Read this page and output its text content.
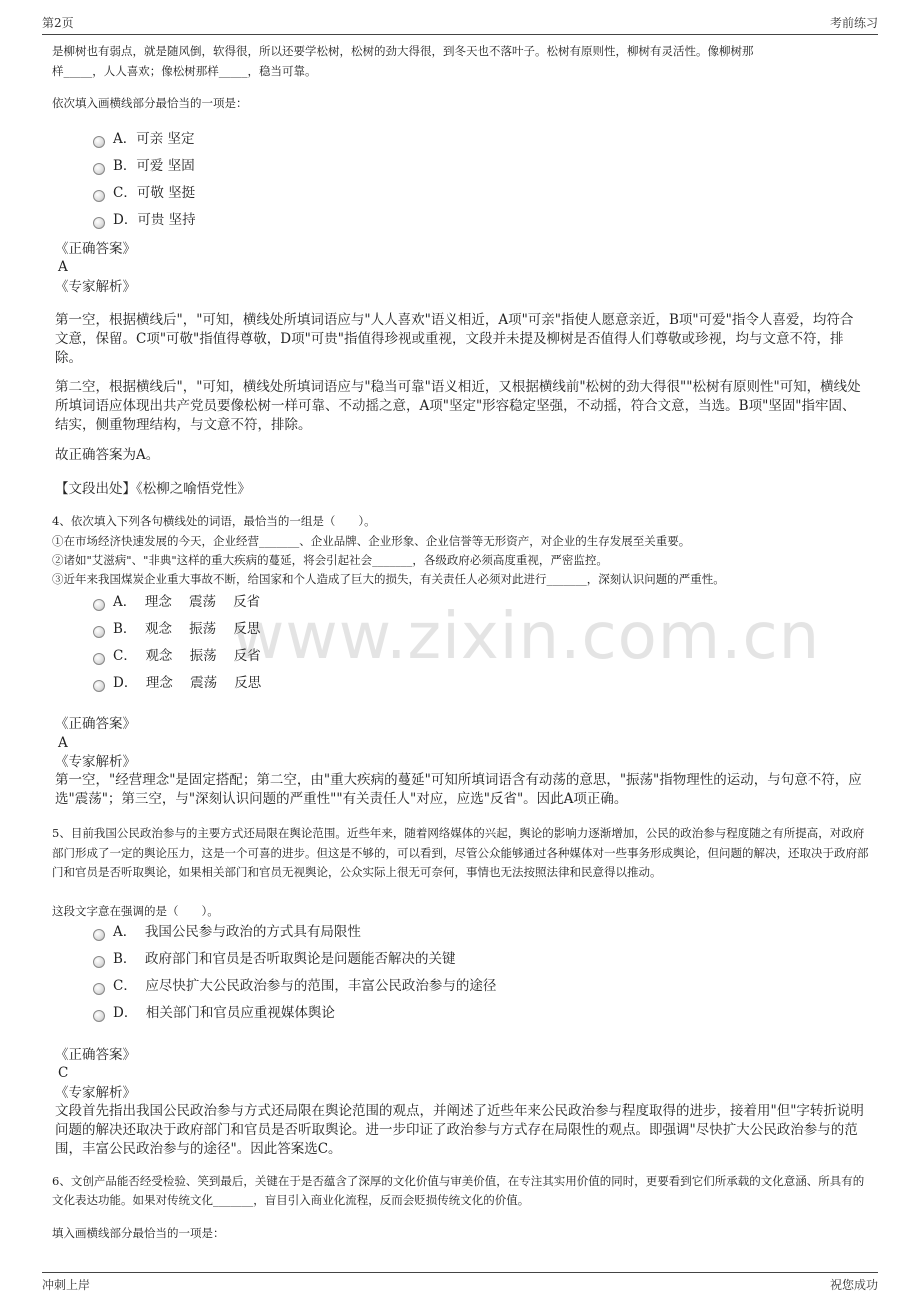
第2页	考前练习
www.zixin.com.cn

是柳树也有弱点，就是随风倒，软得很，所以还要学松树，松树的劲大得很，到冬天也不落叶子。松树有原则性，柳树有灵活性。像柳树那

样_____，人人喜欢；像松树那样_____，稳当可靠。

依次填入画横线部分最恰当的一项是：

A．可亲 坚定
B．可爱 坚固
C．可敬 坚挺
D．可贵 坚持
《正确答案》
A
《专家解析》

第一空，根据横线后"，"可知，横线处所填词语应与"人人喜欢"语义相近，A项"可亲"指使人愿意亲近，B项"可爱"指令人喜爱，均符合文意，保留。C项"可敬"指值得尊敬，D项"可贵"指值得珍视或重视，文段并未提及柳树是否值得人们尊敬或珍视，均与文意不符，排除。

第二空，根据横线后"，"可知，横线处所填词语应与"稳当可靠"语义相近，又根据横线前"松树的劲大得很""松树有原则性"可知，横线处所填词语应体现出共产党员要像松树一样可靠、不动摇之意，A项"坚定"形容稳定坚强，不动摇，符合文意，当选。B项"坚固"指牢固、结实，侧重物理结构，与文意不符，排除。

故正确答案为A。

【文段出处】《松柳之喻悟党性》

4、依次填入下列各句横线处的词语，最恰当的一组是（　　）。

①在市场经济快速发展的今天，企业经营_______、企业品牌、企业形象、企业信誉等无形资产，对企业的生存发展至关重要。

②诸如"艾滋病"、"非典"这样的重大疾病的蔓延，将会引起社会_______，各级政府必须高度重视，严密监控。

③近年来我国煤炭企业重大事故不断，给国家和个人造成了巨大的损失，有关责任人必须对此进行_______，深刻认识问题的严重性。

A．  理念    震荡    反省
B．  观念    振荡    反思
C．  观念    振荡    反省
D．  理念    震荡    反思
《正确答案》
A
《专家解析》

第一空，"经营理念"是固定搭配；第二空，由"重大疾病的蔓延"可知所填词语含有动荡的意思，"振荡"指物理性的运动，与句意不符，应选"震荡"；第三空，与"深刻认识问题的严重性""有关责任人"对应，应选"反省"。因此A项正确。

5、目前我国公民政治参与的主要方式还局限在舆论范围。近些年来，随着网络媒体的兴起，舆论的影响力逐渐增加，公民的政治参与程度随之有所提高，对政府部门形成了一定的舆论压力，这是一个可喜的进步。但这是不够的，可以看到，尽管公众能够通过各种媒体对一些事务形成舆论，但问题的解决，还取决于政府部门和官员是否听取舆论，如果相关部门和官员无视舆论，公众实际上很无可奈何，事情也无法按照法律和民意得以推动。

这段文字意在强调的是（　　）。

A．  我国公民参与政治的方式具有局限性
B．  政府部门和官员是否听取舆论是问题能否解决的关键
C．  应尽快扩大公民政治参与的范围，丰富公民政治参与的途径
D．  相关部门和官员应重视媒体舆论
《正确答案》
C
《专家解析》

文段首先指出我国公民政治参与方式还局限在舆论范围的观点，并阐述了近些年来公民政治参与程度取得的进步，接着用"但"字转折说明问题的解决还取决于政府部门和官员是否听取舆论。进一步印证了政治参与方式存在局限性的观点。即强调"尽快扩大公民政治参与的范围，丰富公民政治参与的途径"。因此答案选C。

6、文创产品能否经受检验、笑到最后，关键在于是否蕴含了深厚的文化价值与审美价值，在专注其实用价值的同时，更要看到它们所承载的文化意涵、所具有的文化表达功能。如果对传统文化_______，盲目引入商业化流程，反而会贬损传统文化的价值。

填入画横线部分最恰当的一项是：

冲刺上岸	祝您成功
